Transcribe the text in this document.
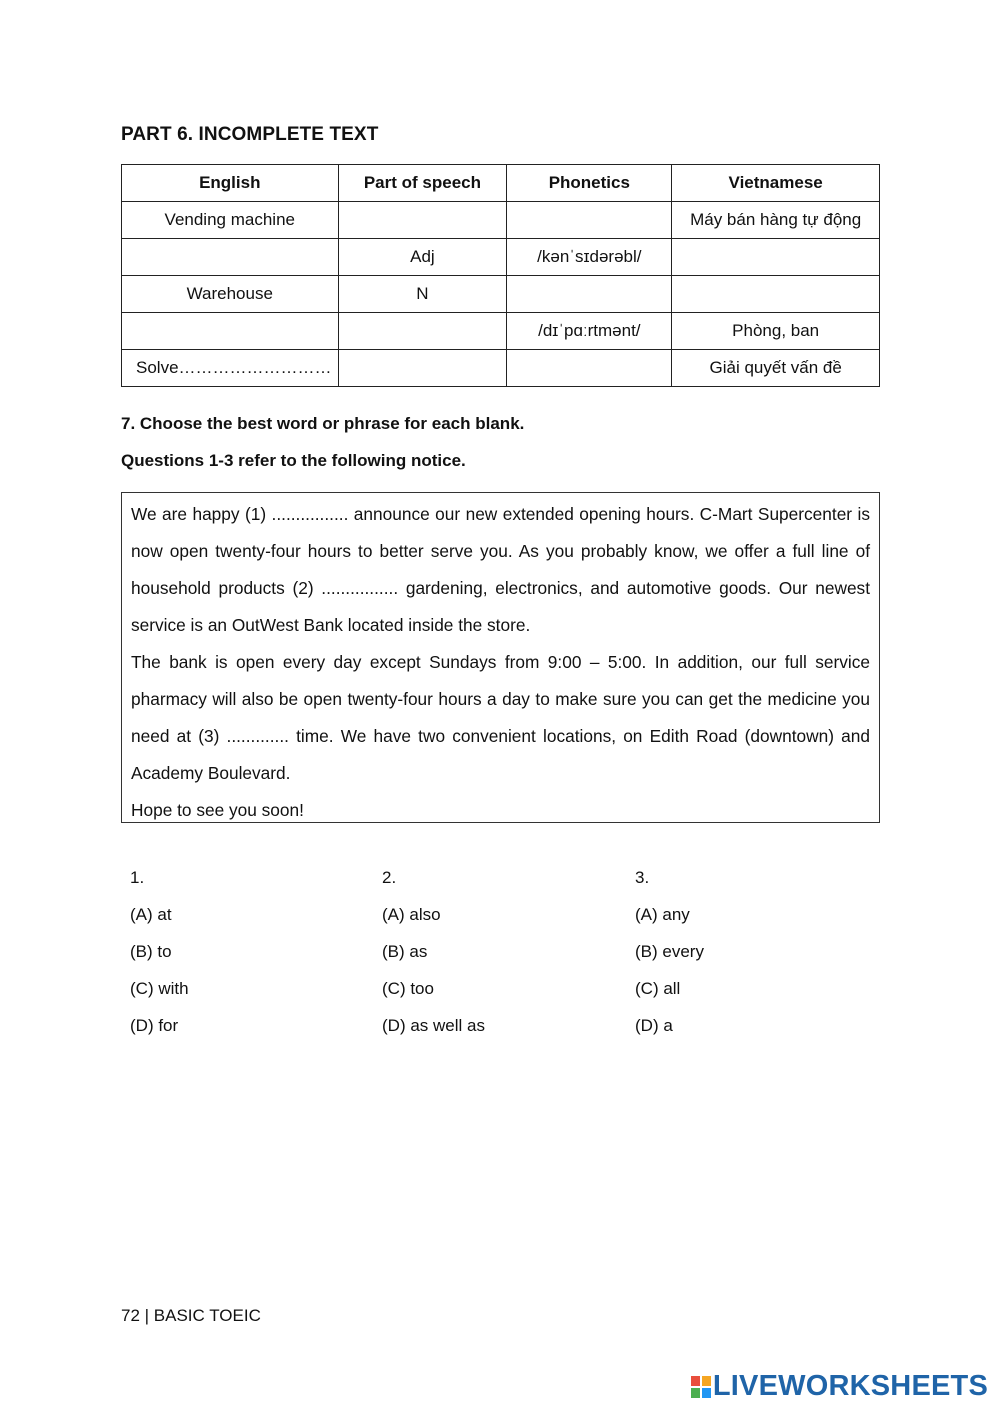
PART 6. INCOMPLETE TEXT
English	Part of speech	Phonetics	Vietnamese
Vending machine			Máy bán hàng tự động
	Adj	/kənˈsɪdərəbl/	
Warehouse	N		
		/dɪˈpɑːrtmənt/	Phòng, ban
Solve………………………			Giải quyết vấn đề
7. Choose the best word or phrase for each blank.
Questions 1-3 refer to the following notice.

We are happy (1) ................ announce our new extended opening hours. C-Mart Supercenter is now open twenty-four hours to better serve you. As you probably know, we offer a full line of household products (2) ................ gardening, electronics, and automotive goods. Our newest service is an OutWest Bank located inside the store.

The bank is open every day except Sundays from 9:00 – 5:00. In addition, our full service pharmacy will also be open twenty-four hours a day to make sure you can get the medicine you need at (3) ............. time. We have two convenient locations, on Edith Road (downtown) and Academy Boulevard.

Hope to see you soon!

1.
(A) at
(B) to
(C) with
(D) for
2.
(A) also
(B) as
(C) too
(D) as well as
3.
(A) any
(B) every
(C) all
(D) a
72 | BASIC TOEIC
LIVEWORKSHEETS
